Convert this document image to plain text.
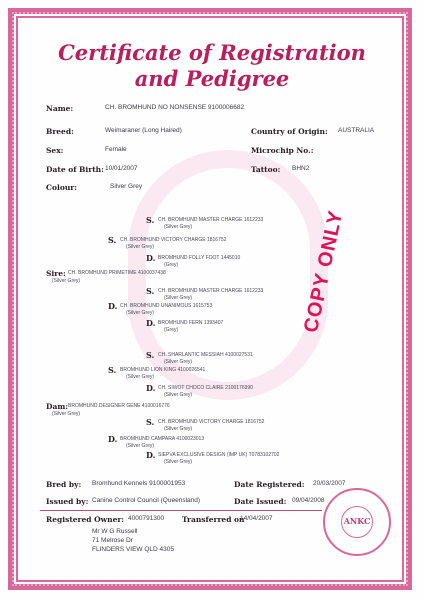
Certificate of Registration
and Pedigree
Name:	CH. BROMHUND NO NONSENSE 9100006682
Breed:	Weimaraner (Long Haired)	Country of Origin: AUSTRALIA
Sex:	Female	Microchip No.:
Date of Birth: 10/01/2007	Tattoo: BHN2
Colour:	Silver Grey
S. CH. BROMHUND MASTER CHARGE 1612233
(Silver Grey)
S. CH. BROMHUND VICTORY CHARGE 1816752
(Silver Grey)
D. BROMHUND FOLLY FOOT 1445010
(Grey)
Sire: CH. BROMHUND PRIMETIME 4100037438
(Silver Grey)
S. CH. BROMHUND MASTER CHARGE 1612233
(Silver Grey)
D. CH. BROMHUND UNANIMOUS 1615753
(Silver Grey)
D. BROMHUND FERN 1393407
(Grey)
S. CH. SHARLANTIC MESSIAH 4100027531
(Silver Grey)
S. BROMHUND LION KING 4100026541
(Silver Grey)
D. CH. SIWOT CHOCO CLAIRE 2100176990
(Silver Grey)
Dam: BROMHUND DESIGNER GENE 4100016776
(Silver Grey)
S. CH. BROMHUND VICTORY CHARGE 1816752
(Silver Grey)
D. BROMHUND CAMPARA 4100023013
(Silver Grey)
D. SIEPVA EXCLUSIVE DESIGN (IMP UK) T0783102702
(Silver Grey)
COPY ONLY
Bred by: Bromhund Kennels 9100001953	Date Registered: 20/03/2007
Issued by: Canine Control Council (Queensland)	Date Issued: 09/04/2008
Registered Owner: 4000791300 Transferred on
14/04/2007
Mr W G Russell
71 Melrose Dr
FLINDERS VIEW QLD 4305
ANKC
